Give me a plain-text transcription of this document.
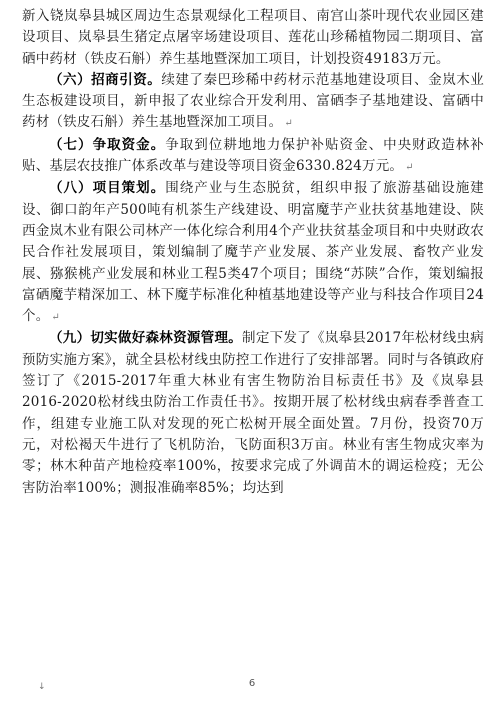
新入铙岚皋县城区周边生态景观绿化工程项目、南宫山茶叶现代农业园区建设项目、岚皋县生猪定点屠宰场建设项目、莲花山珍稀植物园二期项目、富硒中药材（铁皮石斛）养生基地暨深加工项目，计划投资49183万元。

（六）招商引资。续建了秦巴珍稀中药材示范基地建设项目、金岚木业生态板建设项目，新申报了农业综合开发利用、富硒李子基地建设、富硒中药材（铁皮石斛）养生基地暨深加工项目。 ↵

（七）争取资金。争取到位耕地地力保护补贴资金、中央财政造林补贴、基层农技推广体系改革与建设等项目资金6330.824万元。 ↵

（八）项目策划。围绕产业与生态脱贫，组织申报了旅游基础设施建设、御口韵年产500吨有机茶生产线建设、明富魔芋产业扶贫基地建设、陕西金岚木业有限公司林产一体化综合利用4个产业扶贫基金项目和中央财政农民合作社发展项目，策划编制了魔芋产业发展、茶产业发展、畜牧产业发展、猕猴桃产业发展和林业工程5类47个项目；围绕“苏陕”合作，策划编报富硒魔芋精深加工、林下魔芋标准化种植基地建设等产业与科技合作项目24个。 ↵

（九）切实做好森林资源管理。制定下发了《岚皋县2017年松材线虫病预防实施方案》，就全县松材线虫防控工作进行了安排部署。同时与各镇政府签订了《2015-2017年重大林业有害生物防治目标责任书》及《岚皋县2016-2020松材线虫防治工作责任书》。按期开展了松材线虫病春季普查工作，组建专业施工队对发现的死亡松树开展全面处置。7月份，投资70万元，对松褐天牛进行了飞机防治，飞防面积3万亩。林业有害生物成灾率为零；林木种苗产地检疫率100%，按要求完成了外调苗木的调运检疫；无公害防治率100%；测报准确率85%；均达到

↓	6
